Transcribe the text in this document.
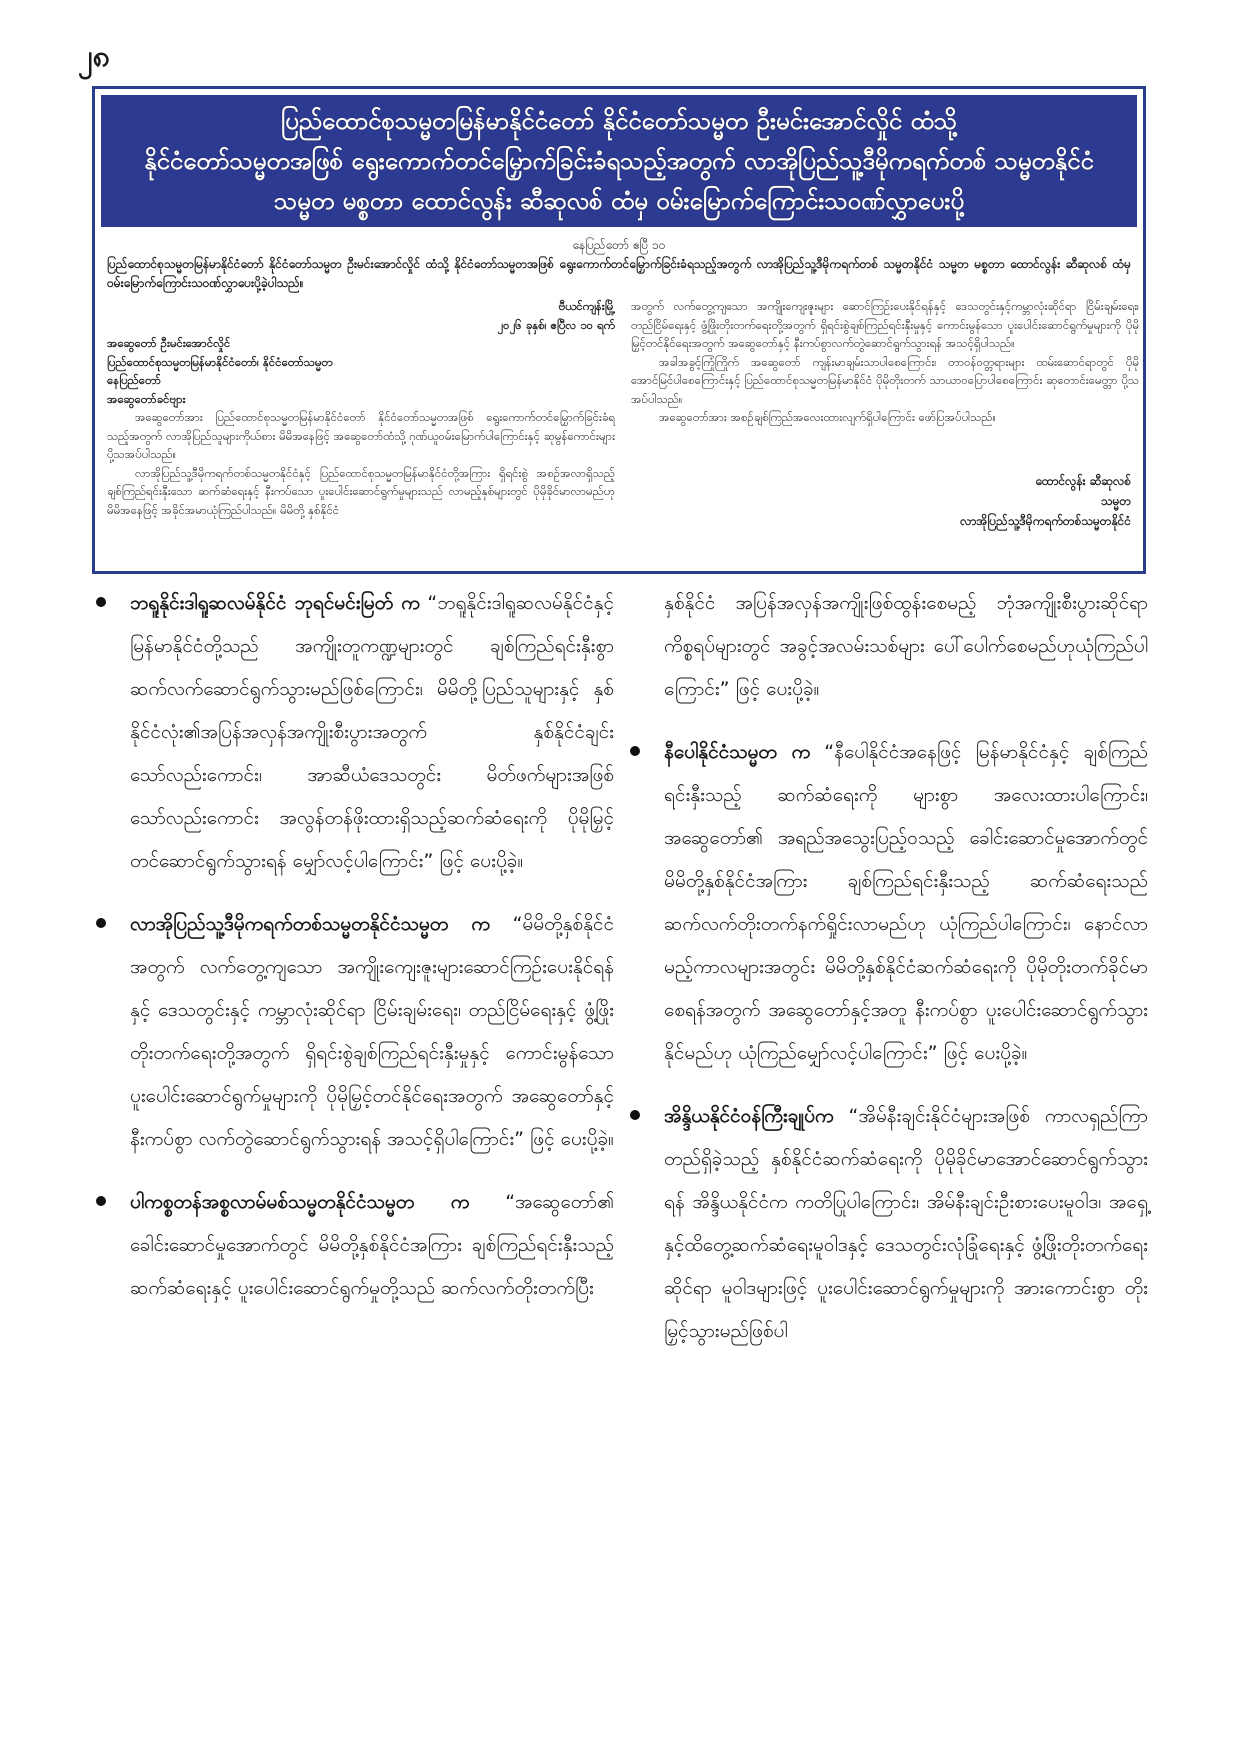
၂၈
ပြည်ထောင်စုသမ္မတမြန်မာနိုင်ငံတော် နိုင်ငံတော်သမ္မတ ဦးမင်းအောင်လှိုင် ထံသို့
နိုင်ငံတော်သမ္မတအဖြစ် ရွေးကောက်တင်မြှောက်ခြင်းခံရသည့်အတွက် လာအိုပြည်သူ့ဒီမိုကရက်တစ် သမ္မတနိုင်ငံ
သမ္မတ မစ္စတာ ထောင်လွန်း ဆီဆုလစ် ထံမှ ဝမ်းမြောက်ကြောင်းသဝဏ်လွှာပေးပို့
နေပြည်တော် ဧပြီ ၁၀
ပြည်ထောင်စုသမ္မတမြန်မာနိုင်ငံတော် နိုင်ငံတော်သမ္မတ ဦးမင်းအောင်လှိုင် ထံသို့ နိုင်ငံတော်သမ္မတအဖြစ် ရွေးကောက်တင်မြှောက်ခြင်းခံရသည့်အတွက် လာအိုပြည်သူ့ဒီမိုကရက်တစ် သမ္မတနိုင်ငံ သမ္မတ မစ္စတာ ထောင်လွန်း ဆီဆုလစ် ထံမှ ဝမ်းမြောက်ကြောင်းသဝဏ်လွှာပေးပို့ခဲ့ပါသည်။

ဗီယင်ကျန်းမြို့

၂၀၂၆ ခုနှစ်၊ ဧပြီလ ၁၀ ရက်

အဆွေတော် ဦးမင်းအောင်လှိုင်

ပြည်ထောင်စုသမ္မတမြန်မာနိုင်ငံတော်၊ နိုင်ငံတော်သမ္မတ

နေပြည်တော်

အဆွေတော်ခင်ဗျား

အဆွေတော်အား ပြည်ထောင်စုသမ္မတမြန်မာနိုင်ငံတော် နိုင်ငံတော်သမ္မတအဖြစ် ရွေးကောက်တင်မြှောက်ခြင်းခံရသည့်အတွက် လာအိုပြည်သူများကိုယ်စား မိမိအနေဖြင့် အဆွေတော်ထံသို့ ဂုဏ်ယူဝမ်းမြောက်ပါကြောင်းနှင့် ဆုမွန်ကောင်းများ ပို့သအပ်ပါသည်။

လာအိုပြည်သူ့ဒီမိုကရက်တစ်သမ္မတနိုင်ငံနှင့် ပြည်ထောင်စုသမ္မတမြန်မာနိုင်ငံတို့အကြား ရှိရင်းစွဲ အစဉ်အလာရှိသည့် ချစ်ကြည်ရင်းနှီးသော ဆက်ဆံရေးနှင့် နီးကပ်သော ပူးပေါင်းဆောင်ရွက်မှုများသည် လာမည့်နှစ်များတွင် ပိုမိုခိုင်မာလာမည်ဟု မိမိအနေဖြင့် အခိုင်အမာယုံကြည်ပါသည်။ မိမိတို့ နှစ်နိုင်ငံ

အတွက် လက်တွေ့ကျသော အကျိုးကျေးဇူးများ ဆောင်ကြဉ်းပေးနိုင်ရန်နှင့် ဒေသတွင်းနှင့်ကမ္ဘာလုံးဆိုင်ရာ ငြိမ်းချမ်းရေး၊ တည်ငြိမ်ရေးနှင့် ဖွံ့ဖြိုးတိုးတက်ရေးတို့အတွက် ရှိရင်းစွဲချစ်ကြည်ရင်းနှီးမှုနှင့် ကောင်းမွန်သော ပူးပေါင်းဆောင်ရွက်မှုများကို ပိုမိုမြှင့်တင်နိုင်ရေးအတွက် အဆွေတော်နှင့် နီးကပ်စွာလက်တွဲဆောင်ရွက်သွားရန် အသင့်ရှိပါသည်။

အခါအခွင့်ကြုံကြိုက် အဆွေတော် ကျန်းမာချမ်းသာပါစေကြောင်း၊ တာဝန်ဝတ္တရားများ ထမ်းဆောင်ရာတွင် ပိုမိုအောင်မြင်ပါစေကြောင်းနှင့် ပြည်ထောင်စုသမ္မတမြန်မာနိုင်ငံ ပိုမိုတိုးတက် သာယာဝပြောပါစေကြောင်း ဆုတောင်းမေတ္တာ ပို့သအပ်ပါသည်။

အဆွေတော်အား အစဉ်ချစ်ကြည်အလေးထားလျက်ရှိပါကြောင်း ဖော်ပြအပ်ပါသည်။

ထောင်လွန်း ဆီဆုလစ်
သမ္မတ
လာအိုပြည်သူ့ဒီမိုကရက်တစ်သမ္မတနိုင်ငံ
ဘရူနိုင်းဒါရူဆလမ်နိုင်ငံ ဘုရင်မင်းမြတ် က “ဘရူနိုင်းဒါရူဆလမ်နိုင်ငံနှင့် မြန်မာနိုင်ငံတို့သည် အကျိုးတူကဏ္ဍများတွင် ချစ်ကြည်ရင်းနှီးစွာ ဆက်လက်ဆောင်ရွက်သွားမည်ဖြစ်ကြောင်း၊ မိမိတို့ပြည်သူများနှင့် နှစ်နိုင်ငံလုံး၏အပြန်အလှန်အကျိုးစီးပွားအတွက် နှစ်နိုင်ငံချင်းသော်လည်းကောင်း၊ အာဆီယံဒေသတွင်း မိတ်ဖက်များအဖြစ်သော်လည်းကောင်း အလွန်တန်ဖိုးထားရှိသည့်ဆက်ဆံရေးကို ပိုမိုမြှင့်တင်ဆောင်ရွက်သွားရန် မျှော်လင့်ပါကြောင်း” ဖြင့် ပေးပို့ခဲ့။
လာအိုပြည်သူ့ဒီမိုကရက်တစ်သမ္မတနိုင်ငံသမ္မတ က “မိမိတို့နှစ်နိုင်ငံအတွက် လက်တွေ့ကျသော အကျိုးကျေးဇူးများဆောင်ကြဉ်းပေးနိုင်ရန်နှင့် ဒေသတွင်းနှင့် ကမ္ဘာလုံးဆိုင်ရာ ငြိမ်းချမ်းရေး၊ တည်ငြိမ်ရေးနှင့် ဖွံ့ဖြိုးတိုးတက်ရေးတို့အတွက် ရှိရင်းစွဲချစ်ကြည်ရင်းနှီးမှုနှင့် ကောင်းမွန်သောပူးပေါင်းဆောင်ရွက်မှုများကို ပိုမိုမြှင့်တင်နိုင်ရေးအတွက် အဆွေတော်နှင့် နီးကပ်စွာ လက်တွဲဆောင်ရွက်သွားရန် အသင့်ရှိပါကြောင်း” ဖြင့် ပေးပို့ခဲ့။
ပါကစ္စတန်အစ္စလာမ်မစ်သမ္မတနိုင်ငံသမ္မတ က “အဆွေတော်၏ ခေါင်းဆောင်မှုအောက်တွင် မိမိတို့နှစ်နိုင်ငံအကြား ချစ်ကြည်ရင်းနှီးသည့် ဆက်ဆံရေးနှင့် ပူးပေါင်းဆောင်ရွက်မှုတို့သည် ဆက်လက်တိုးတက်ပြီး
နှစ်နိုင်ငံ အပြန်အလှန်အကျိုးဖြစ်ထွန်းစေမည့် ဘုံအကျိုးစီးပွားဆိုင်ရာကိစ္စရပ်များတွင် အခွင့်အလမ်းသစ်များ ပေါ်ပေါက်စေမည်ဟုယုံကြည်ပါကြောင်း” ဖြင့် ပေးပို့ခဲ့။
နီပေါနိုင်ငံသမ္မတ က “နီပေါနိုင်ငံအနေဖြင့် မြန်မာနိုင်ငံနှင့် ချစ်ကြည်ရင်းနှီးသည့် ဆက်ဆံရေးကို များစွာ အလေးထားပါကြောင်း၊ အဆွေတော်၏ အရည်အသွေးပြည့်ဝသည့် ခေါင်းဆောင်မှုအောက်တွင် မိမိတို့နှစ်နိုင်ငံအကြား ချစ်ကြည်ရင်းနှီးသည့် ဆက်ဆံရေးသည် ဆက်လက်တိုးတက်နက်ရှိုင်းလာမည်ဟု ယုံကြည်ပါကြောင်း၊ နောင်လာမည့်ကာလများအတွင်း မိမိတို့နှစ်နိုင်ငံဆက်ဆံရေးကို ပိုမိုတိုးတက်ခိုင်မာစေရန်အတွက် အဆွေတော်နှင့်အတူ နီးကပ်စွာ ပူးပေါင်းဆောင်ရွက်သွားနိုင်မည်ဟု ယုံကြည်မျှော်လင့်ပါကြောင်း” ဖြင့် ပေးပို့ခဲ့။
အိန္ဒိယနိုင်ငံဝန်ကြီးချုပ်က “အိမ်နီးချင်းနိုင်ငံများအဖြစ် ကာလရှည်ကြာတည်ရှိခဲ့သည့် နှစ်နိုင်ငံဆက်ဆံရေးကို ပိုမိုခိုင်မာအောင်ဆောင်ရွက်သွားရန် အိန္ဒိယနိုင်ငံက ကတိပြုပါကြောင်း၊ အိမ်နီးချင်းဦးစားပေးမူဝါဒ၊ အရှေ့နှင့်ထိတွေ့ဆက်ဆံရေးမူဝါဒနှင့် ဒေသတွင်းလုံခြုံရေးနှင့် ဖွံ့ဖြိုးတိုးတက်ရေးဆိုင်ရာ မူဝါဒများဖြင့် ပူးပေါင်းဆောင်ရွက်မှုများကို အားကောင်းစွာ တိုးမြှင့်သွားမည်ဖြစ်ပါ
